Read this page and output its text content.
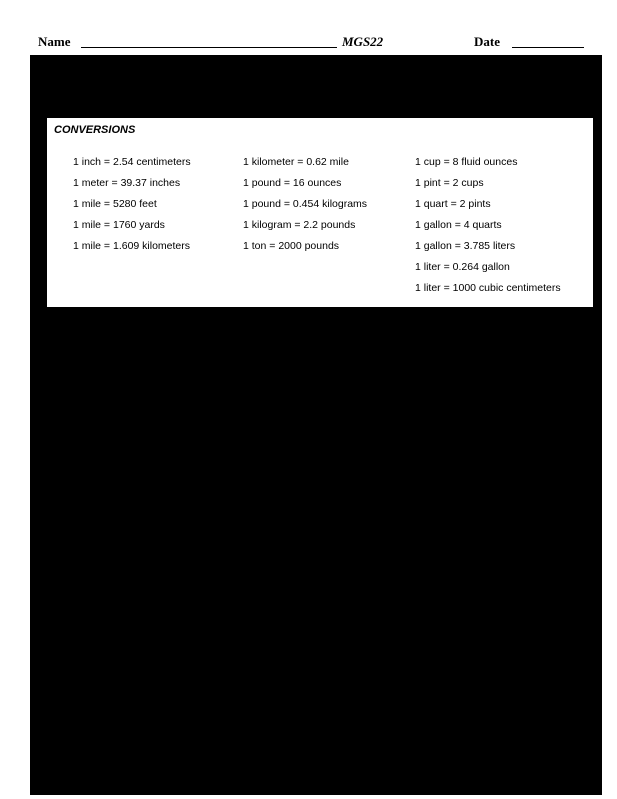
Name	MGS22	Date
CONVERSIONS
1 inch = 2.54 centimeters
1 meter = 39.37 inches
1 mile = 5280 feet
1 mile = 1760 yards
1 mile = 1.609 kilometers
1 kilometer = 0.62 mile
1 pound = 16 ounces
1 pound = 0.454 kilograms
1 kilogram = 2.2 pounds
1 ton = 2000 pounds
1 cup = 8 fluid ounces
1 pint = 2 cups
1 quart = 2 pints
1 gallon = 4 quarts
1 gallon = 3.785 liters
1 liter = 0.264 gallon
1 liter = 1000 cubic centimeters
